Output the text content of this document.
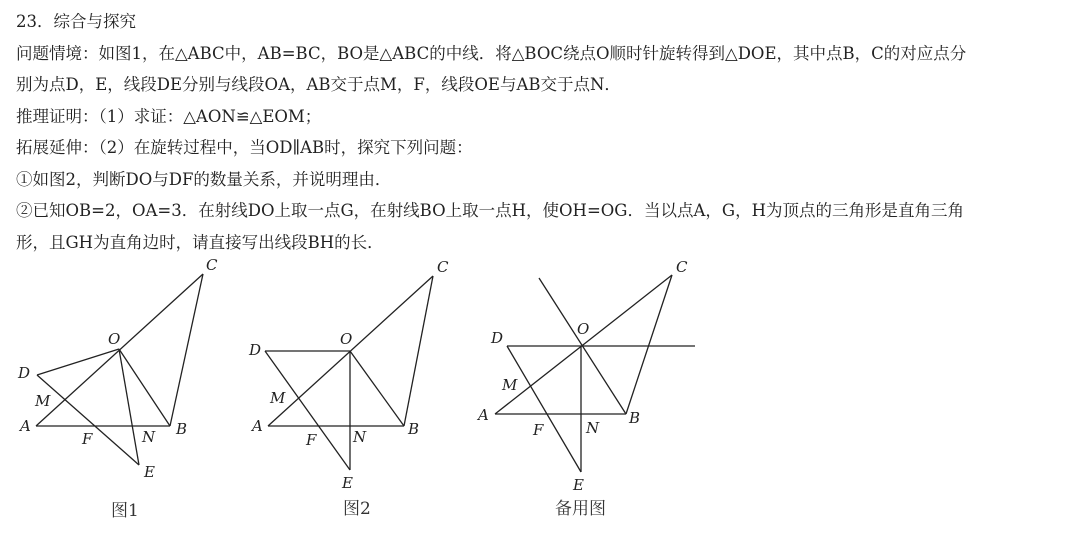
23．综合与探究
问题情境：如图1，在△ABC中，AB=BC，BO是△ABC的中线．将△BOC绕点O顺时针旋转得到△DOE，其中点B，C的对应点分
别为点D，E，线段DE分别与线段OA，AB交于点M，F，线段OE与AB交于点N．
推理证明：（1）求证：△AON≌△EOM；
拓展延伸：（2）在旋转过程中，当OD∥AB时，探究下列问题：
①如图2，判断DO与DF的数量关系，并说明理由．
②已知OB=2，OA=3．在射线DO上取一点G，在射线BO上取一点H，使OH=OG．当以点A，G，H为顶点的三角形是直角三角
形，且GH为直角边时，请直接写出线段BH的长．
C
O
D
M
A
F	N B
E
图1
C
O
D
M
A
F N	B
E
图2
C
O
D
M
A
F	N
B
E
备用图
